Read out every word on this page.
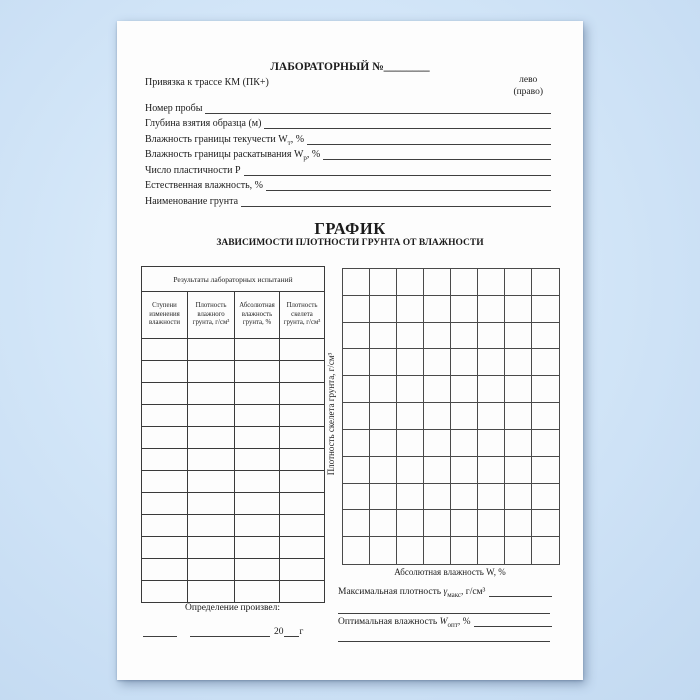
ЛАБОРАТОРНЫЙ №________
Привязка к трассе КМ (ПК+)	лево
(право)
Номер пробы
Глубина взятия образца (м)
Влажность границы текучести $W_т$, %
Влажность границы раскатывания $W_р$, %
Число пластичности Р
Естественная влажность, %
Наименование грунта
ГРАФИК
ЗАВИСИМОСТИ ПЛОТНОСТИ ГРУНТА ОТ ВЛАЖНОСТИ
Результаты лабораторных испытаний			
Ступени изменения влажности	Плотность влажного грунта, г/см³	Абсолютная влажность грунта, %	Плотность скелета грунта, г/см³

Плотность скелета грунта, г/см³
Абсолютная влажность W, %
Максимальная плотность $\gamma_{макс}$, г/см³
Оптимальная влажность $W_{опт}$, %
Определение произвел:
20 г
